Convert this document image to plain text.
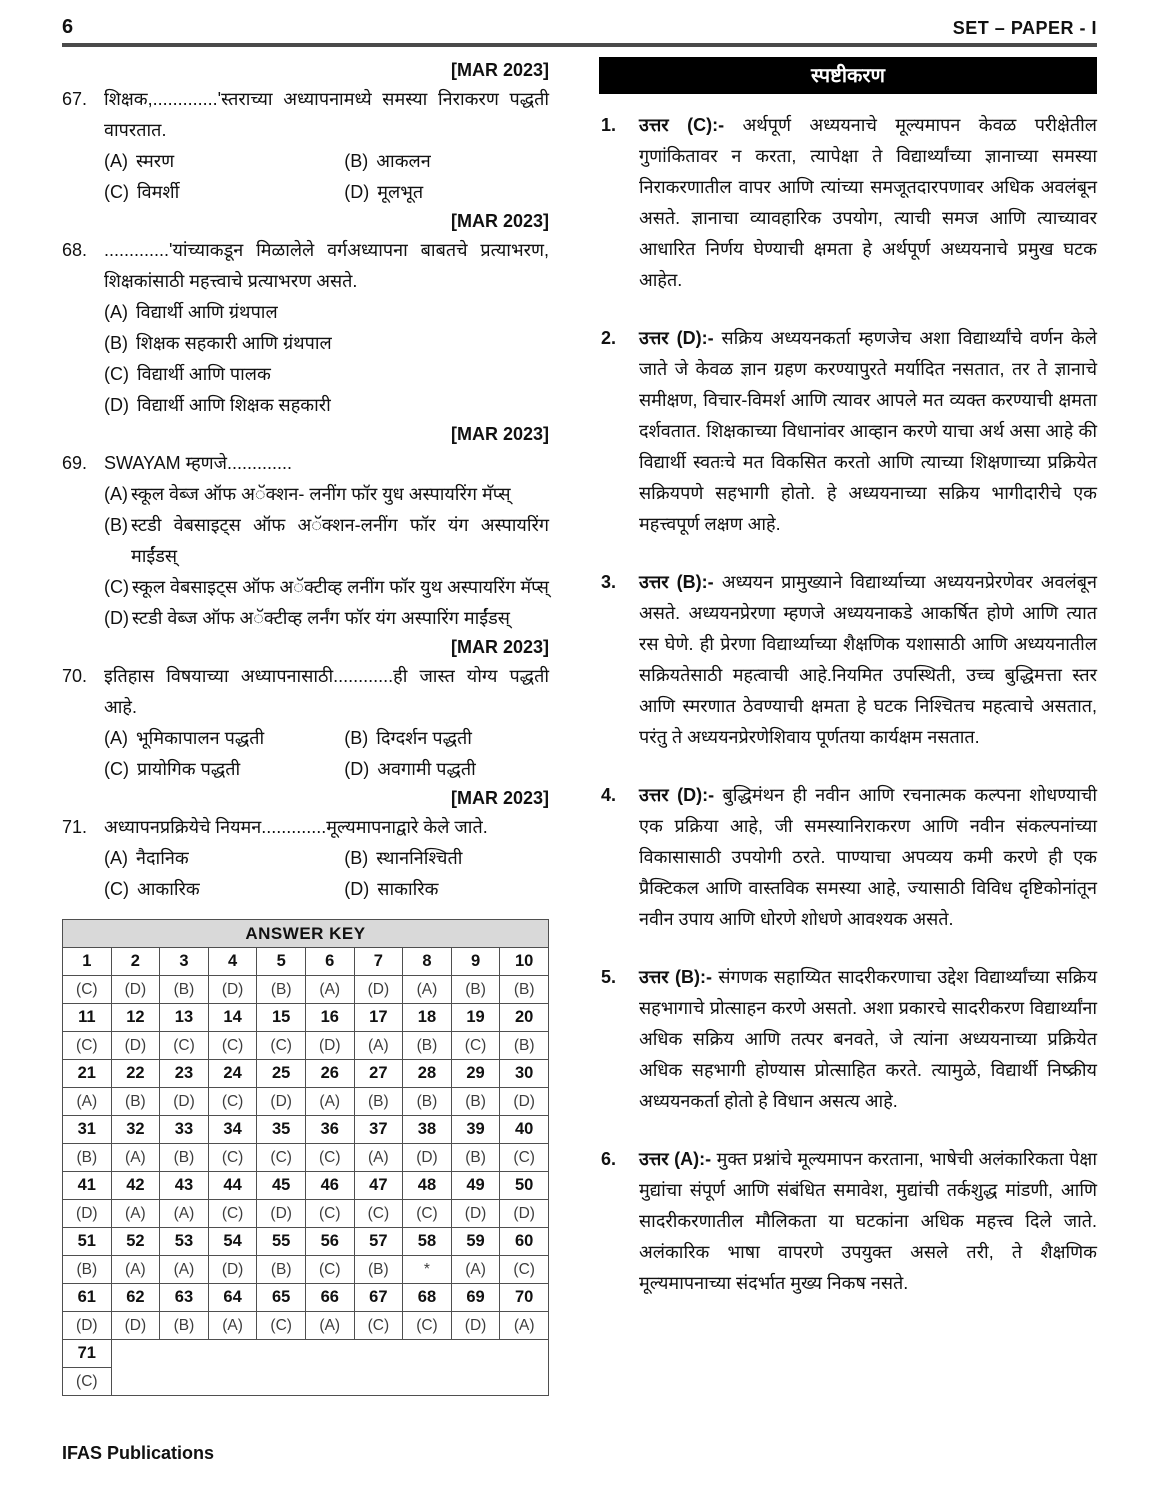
6	SET – PAPER - I
[MAR 2023]
67. शिक्षक,.............'स्तराच्या अध्यापनामध्ये समस्या निराकरण पद्धती वापरतात.
(A) स्मरण	(B) आकलन
(C) विमर्शी	(D) मूलभूत
[MAR 2023]
68. .............'यांच्याकडून मिळालेले वर्गअध्यापना बाबतचे प्रत्याभरण, शिक्षकांसाठी महत्त्वाचे प्रत्याभरण असते.
(A) विद्यार्थी आणि ग्रंथपाल
(B) शिक्षक सहकारी आणि ग्रंथपाल
(C) विद्यार्थी आणि पालक
(D) विद्यार्थी आणि शिक्षक सहकारी
[MAR 2023]
69. SWAYAM म्हणजे.............
(A) स्कूल वेब्ज ऑफ अॅक्शन- लनींग फॉर युध अस्पायरिंग मॅप्स्
(B) स्टडी वेबसाइट्स ऑफ अॅक्शन-लनींग फॉर यंग अस्पायरिंग माईंडस्
(C) स्कूल वेबसाइट्स ऑफ अॅक्टीव्ह लनींग फॉर युथ अस्पायरिंग मॅप्स्
(D) स्टडी वेब्ज ऑफ अॅक्टीव्ह लर्नंग फॉर यंग अस्पारिंग माईंडस्
[MAR 2023]
70. इतिहास विषयाच्या अध्यापनासाठी............ही जास्त योग्य पद्धती आहे.
(A) भूमिकापालन पद्धती	(B) दिग्दर्शन पद्धती
(C) प्रायोगिक पद्धती	(D) अवगामी पद्धती
[MAR 2023]
71. अध्यापनप्रक्रियेचे नियमन.............मूल्यमापनाद्वारे केले जाते.
(A) नैदानिक	(B) स्थाननिश्चिती
(C) आकारिक	(D) साकारिक
ANSWER KEY									
1	2	3	4	5	6	7	8	9	10
(C)	(D)	(B)	(D)	(B)	(A)	(D)	(A)	(B)	(B)
11	12	13	14	15	16	17	18	19	20
(C)	(D)	(C)	(C)	(C)	(D)	(A)	(B)	(C)	(B)
21	22	23	24	25	26	27	28	29	30
(A)	(B)	(D)	(C)	(D)	(A)	(B)	(B)	(B)	(D)
31	32	33	34	35	36	37	38	39	40
(B)	(A)	(B)	(C)	(C)	(C)	(A)	(D)	(B)	(C)
41	42	43	44	45	46	47	48	49	50
(D)	(A)	(A)	(C)	(D)	(C)	(C)	(C)	(D)	(D)
51	52	53	54	55	56	57	58	59	60
(B)	(A)	(A)	(D)	(B)	(C)	(B)	*	(A)	(C)
61	62	63	64	65	66	67	68	69	70
(D)	(D)	(B)	(A)	(C)	(A)	(C)	(C)	(D)	(A)
71									
(C)									
स्पष्टीकरण
1.	उत्तर (C):- अर्थपूर्ण अध्ययनाचे मूल्यमापन केवळ परीक्षेतील गुणांकितावर न करता, त्यापेक्षा ते विद्यार्थ्यांच्या ज्ञानाच्या समस्या निराकरणातील वापर आणि त्यांच्या समजूतदारपणावर अधिक अवलंबून असते. ज्ञानाचा व्यावहारिक उपयोग, त्याची समज आणि त्याच्यावर आधारित निर्णय घेण्याची क्षमता हे अर्थपूर्ण अध्ययनाचे प्रमुख घटक आहेत.

2.	उत्तर (D):- सक्रिय अध्ययनकर्ता म्हणजेच अशा विद्यार्थ्यांचे वर्णन केले जाते जे केवळ ज्ञान ग्रहण करण्यापुरते मर्यादित नसतात, तर ते ज्ञानाचे समीक्षण, विचार-विमर्श आणि त्यावर आपले मत व्यक्त करण्याची क्षमता दर्शवतात. शिक्षकाच्या विधानांवर आव्हान करणे याचा अर्थ असा आहे की विद्यार्थी स्वतःचे मत विकसित करतो आणि त्याच्या शिक्षणाच्या प्रक्रियेत सक्रियपणे सहभागी होतो. हे अध्ययनाच्या सक्रिय भागीदारीचे एक महत्त्वपूर्ण लक्षण आहे.

3.	उत्तर (B):- अध्ययन प्रामुख्याने विद्यार्थ्याच्या अध्ययनप्रेरणेवर अवलंबून असते. अध्ययनप्रेरणा म्हणजे अध्ययनाकडे आकर्षित होणे आणि त्यात रस घेणे. ही प्रेरणा विद्यार्थ्याच्या शैक्षणिक यशासाठी आणि अध्ययनातील सक्रियतेसाठी महत्वाची आहे.नियमित उपस्थिती, उच्च बुद्धिमत्ता स्तर आणि स्मरणात ठेवण्याची क्षमता हे घटक निश्चितच महत्वाचे असतात, परंतु ते अध्ययनप्रेरणेशिवाय पूर्णतया कार्यक्षम नसतात.

4.	उत्तर (D):- बुद्धिमंथन ही नवीन आणि रचनात्मक कल्पना शोधण्याची एक प्रक्रिया आहे, जी समस्यानिराकरण आणि नवीन संकल्पनांच्या विकासासाठी उपयोगी ठरते. पाण्याचा अपव्यय कमी करणे ही एक प्रैक्टिकल आणि वास्तविक समस्या आहे, ज्यासाठी विविध दृष्टिकोनांतून नवीन उपाय आणि धोरणे शोधणे आवश्यक असते.

5.	उत्तर (B):- संगणक सहाय्यित सादरीकरणाचा उद्देश विद्यार्थ्यांच्या सक्रिय सहभागाचे प्रोत्साहन करणे असतो. अशा प्रकारचे सादरीकरण विद्यार्थ्यांना अधिक सक्रिय आणि तत्पर बनवते, जे त्यांना अध्ययनाच्या प्रक्रियेत अधिक सहभागी होण्यास प्रोत्साहित करते. त्यामुळे, विद्यार्थी निष्क्रीय अध्ययनकर्ता होतो हे विधान असत्य आहे.

6.	उत्तर (A):- मुक्त प्रश्नांचे मूल्यमापन करताना, भाषेची अलंकारिकता पेक्षा मुद्यांचा संपूर्ण आणि संबंधित समावेश, मुद्यांची तर्कशुद्ध मांडणी, आणि सादरीकरणातील मौलिकता या घटकांना अधिक महत्त्व दिले जाते. अलंकारिक भाषा वापरणे उपयुक्त असले तरी, ते शैक्षणिक मूल्यमापनाच्या संदर्भात मुख्य निकष नसते.

IFAS Publications
